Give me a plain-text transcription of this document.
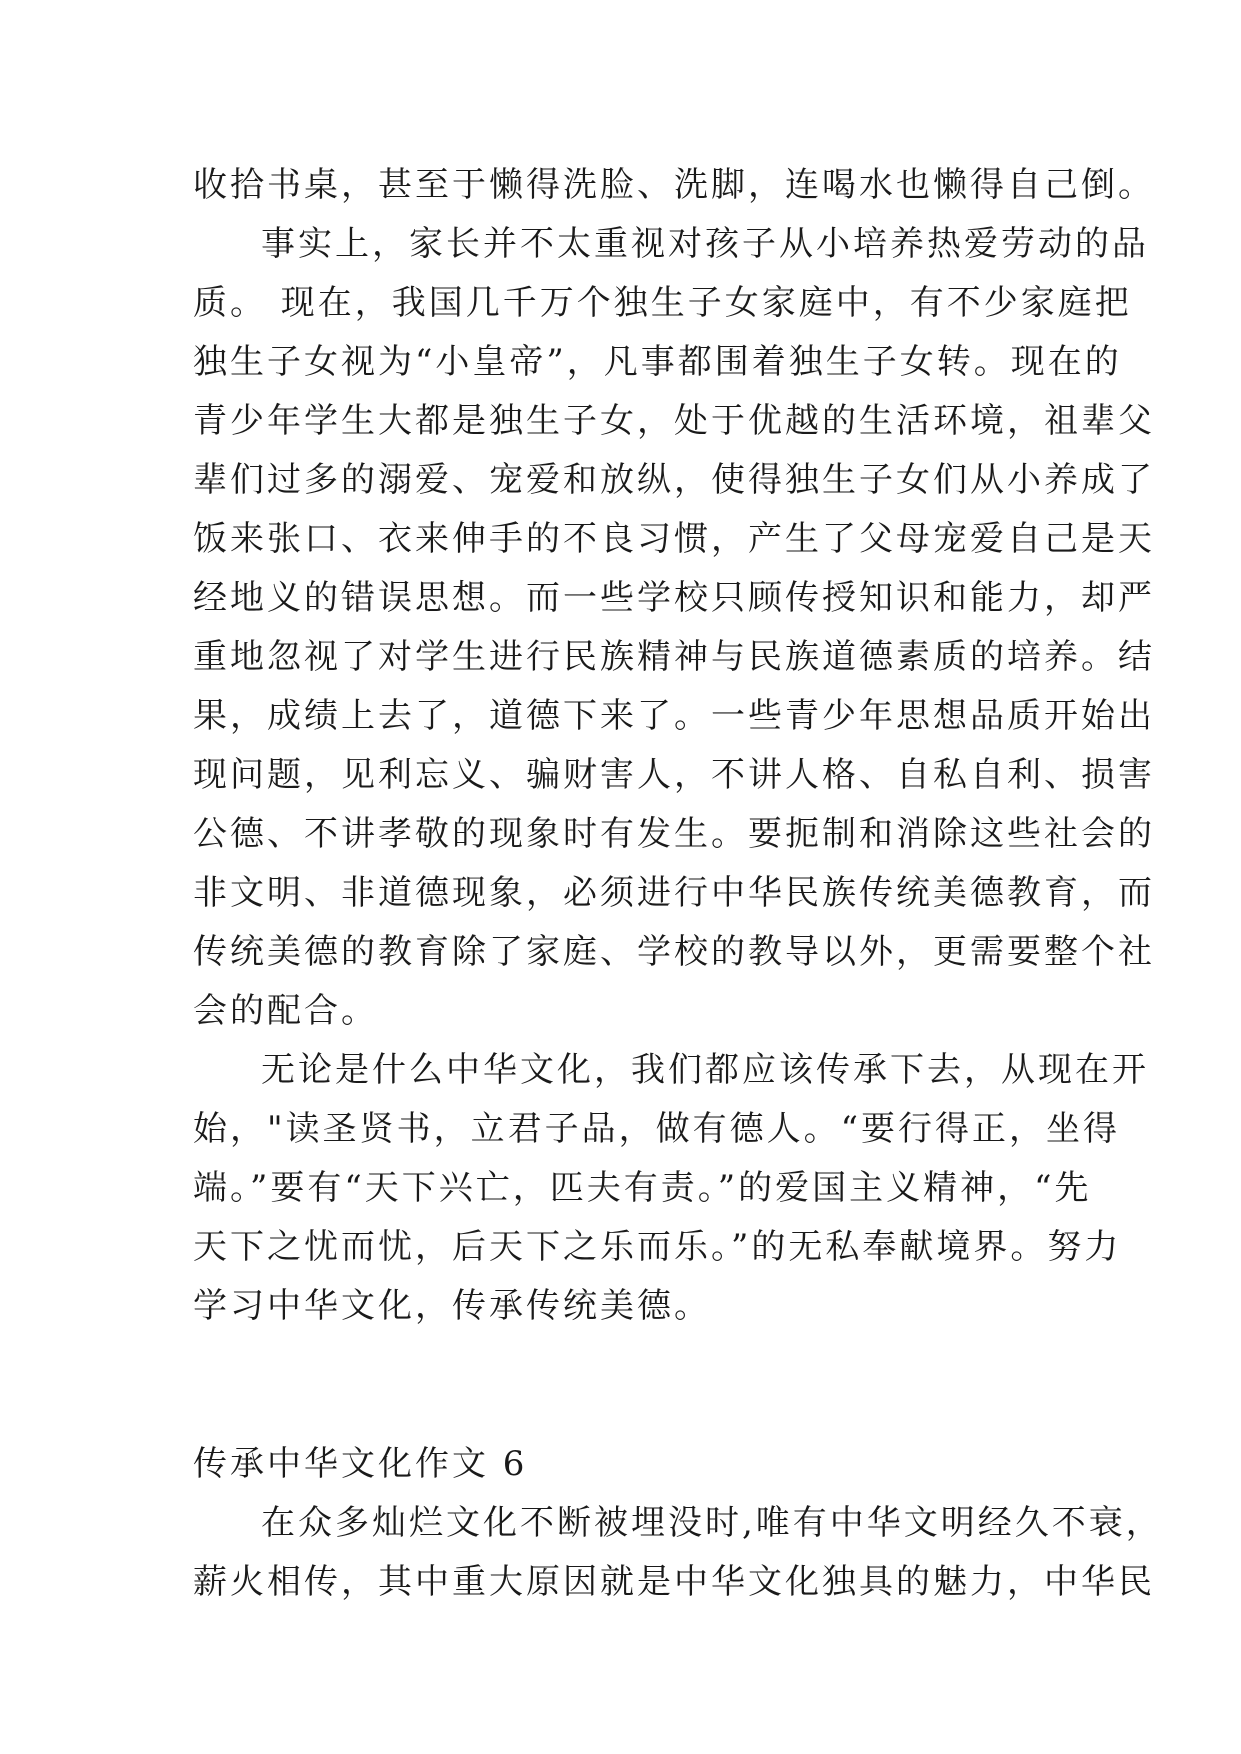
收拾书桌，甚至于懒得洗脸、洗脚，连喝水也懒得自己倒。
事实上，家长并不太重视对孩子从小培养热爱劳动的品
质。 现在，我国几千万个独生子女家庭中，有不少家庭把
独生子女视为“小皇帝”，凡事都围着独生子女转。现在的
青少年学生大都是独生子女，处于优越的生活环境，祖辈父
辈们过多的溺爱、宠爱和放纵，使得独生子女们从小养成了
饭来张口、衣来伸手的不良习惯，产生了父母宠爱自己是天
经地义的错误思想。而一些学校只顾传授知识和能力，却严
重地忽视了对学生进行民族精神与民族道德素质的培养。结
果，成绩上去了，道德下来了。一些青少年思想品质开始出
现问题，见利忘义、骗财害人，不讲人格、自私自利、损害
公德、不讲孝敬的现象时有发生。要扼制和消除这些社会的
非文明、非道德现象，必须进行中华民族传统美德教育，而
传统美德的教育除了家庭、学校的教导以外，更需要整个社
会的配合。
无论是什么中华文化，我们都应该传承下去，从现在开
始，"读圣贤书，立君子品，做有德人。“要行得正，坐得
端。”要有“天下兴亡，匹夫有责。”的爱国主义精神，“先
天下之忧而忧，后天下之乐而乐。”的无私奉献境界。努力
学习中华文化，传承传统美德。
传承中华文化作文 6
在众多灿烂文化不断被埋没时,唯有中华文明经久不衰，
薪火相传，其中重大原因就是中华文化独具的魅力，中华民
